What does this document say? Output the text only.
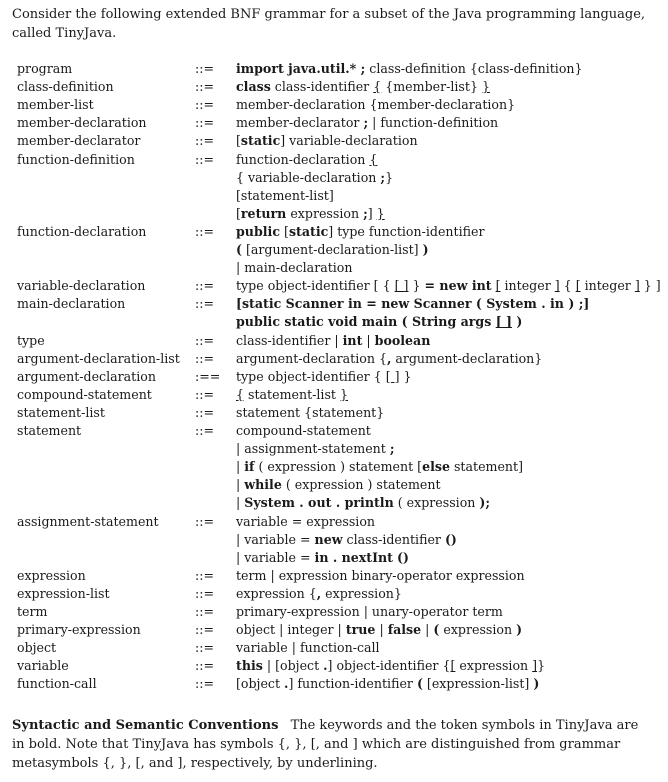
Consider the following extended BNF grammar for a subset of the Java programming language, called TinyJava.

program	::= import java.util.* ; class-definition {class-definition}
class-definition	::= class class-identifier { {member-list} }
member-list	::= member-declaration {member-declaration}
member-declaration	::= member-declarator ; | function-definition
member-declarator	::= [static] variable-declaration
function-definition	::= function-declaration {
{ variable-declaration ;}
[statement-list]
[return expression ;] }
function-declaration	::= public [static] type function-identifier
( [argument-declaration-list] )
| main-declaration
variable-declaration	::= type object-identifier [ { [ ] } = new int [ integer ] { [ integer ] } ]
main-declaration	::= [static Scanner in = new Scanner ( System . in ) ;]
public static void main ( String args [ ] )
type	::= class-identifier | int | boolean
argument-declaration-list ::= argument-declaration {, argument-declaration}
argument-declaration	:== type object-identifier { [ ] }
compound-statement	::= { statement-list }
statement-list	::= statement {statement}
statement	::= compound-statement
| assignment-statement ;
| if ( expression ) statement [else statement]
| while ( expression ) statement
| System . out . println ( expression );
assignment-statement	::= variable = expression
| variable = new class-identifier ()
| variable = in . nextInt ()
expression	::= term | expression binary-operator expression
expression-list	::= expression {, expression}
term	::= primary-expression | unary-operator term
primary-expression	::= object | integer | true | false | ( expression )
object	::= variable | function-call
variable	::= this | [object .] object-identifier {[ expression ]}
function-call	::= [object .] function-identifier ( [expression-list] )

Syntactic and Semantic Conventions The keywords and the token symbols in TinyJava are in bold. Note that TinyJava has symbols {, }, [, and ] which are distinguished from grammar metasymbols {, }, [, and ], respectively, by underlining.
